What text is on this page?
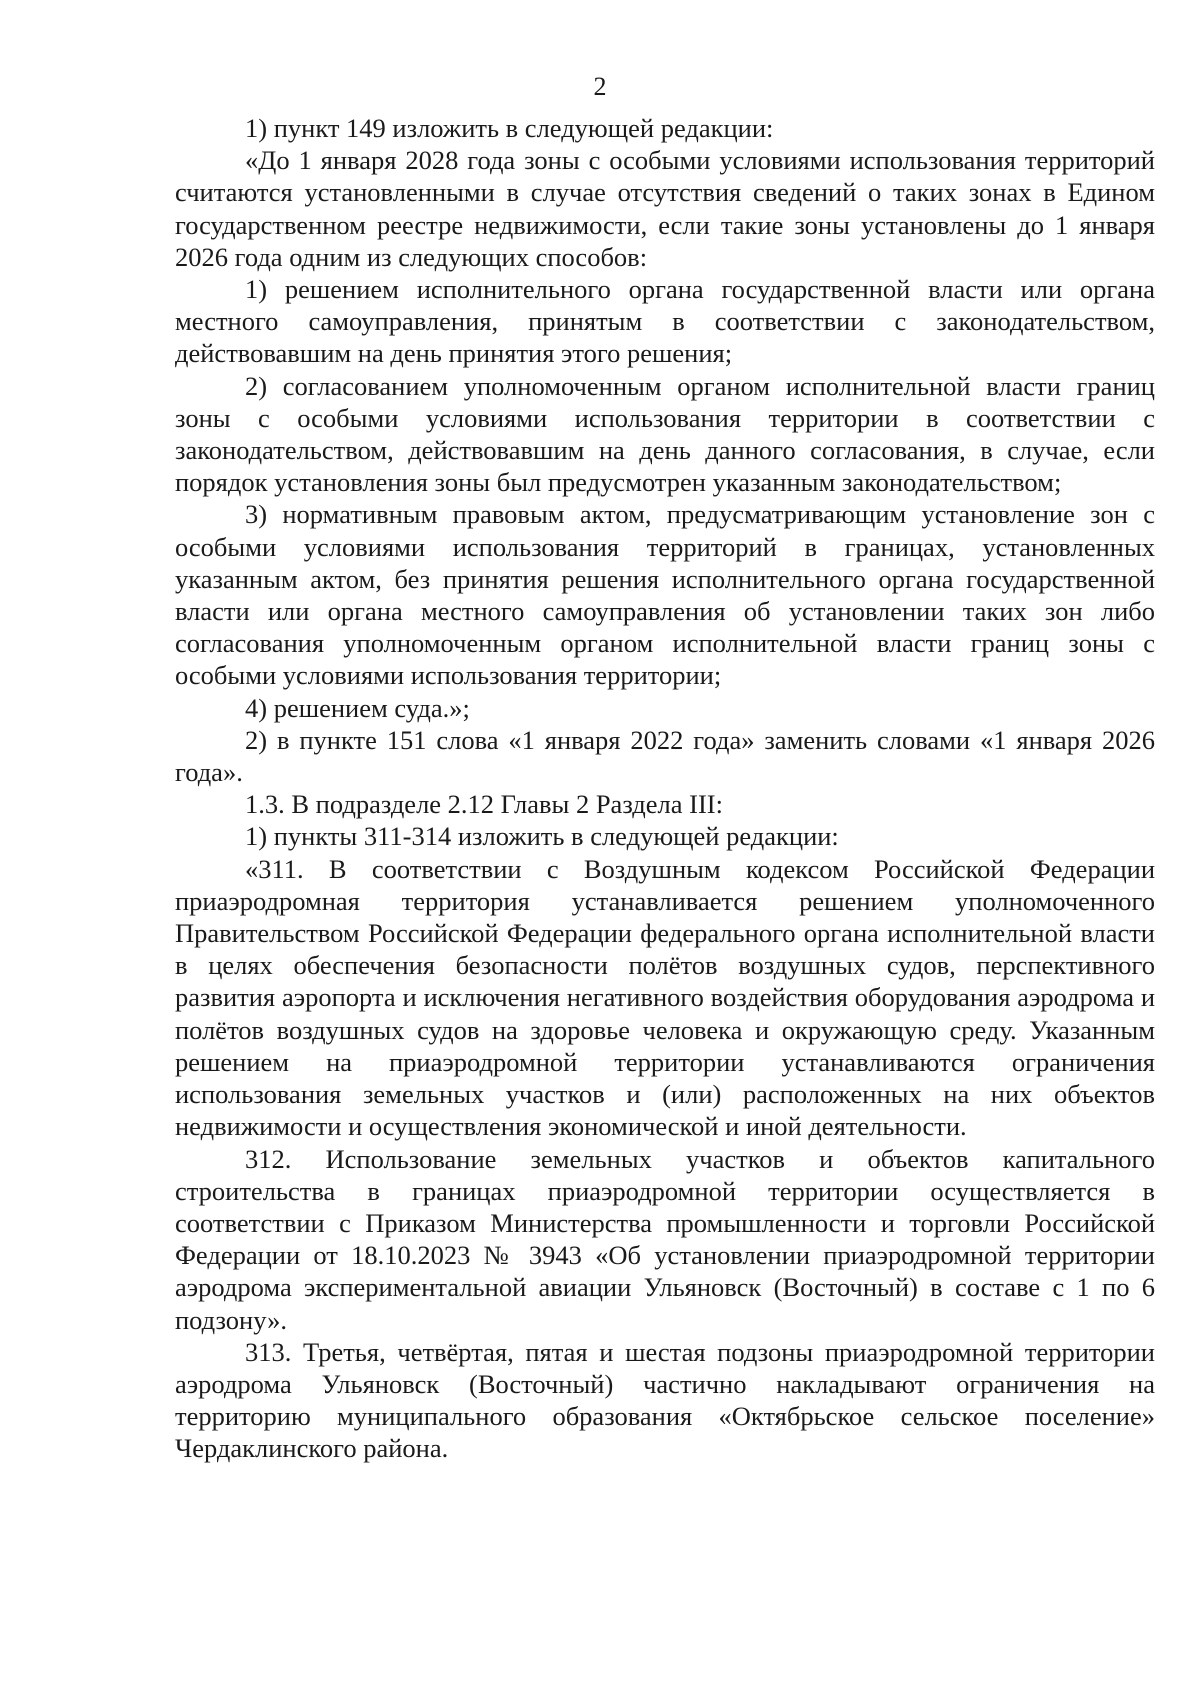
2

1) пункт 149 изложить в следующей редакции:

«До 1 января 2028 года зоны с особыми условиями использования территорий считаются установленными в случае отсутствия сведений о таких зонах в Едином государственном реестре недвижимости, если такие зоны установлены до 1 января 2026 года одним из следующих способов:

1) решением исполнительного органа государственной власти или органа местного самоуправления, принятым в соответствии с законодательством, действовавшим на день принятия этого решения;

2) согласованием уполномоченным органом исполнительной власти границ зоны с особыми условиями использования территории в соответствии с законодательством, действовавшим на день данного согласования, в случае, если порядок установления зоны был предусмотрен указанным законодательством;

3) нормативным правовым актом, предусматривающим установление зон с особыми условиями использования территорий в границах, установленных указанным актом, без принятия решения исполнительного органа государственной власти или органа местного самоуправления об установлении таких зон либо согласования уполномоченным органом исполнительной власти границ зоны с особыми условиями использования территории;

4) решением суда.»;

2) в пункте 151 слова «1 января 2022 года» заменить словами «1 января 2026 года».

1.3. В подразделе 2.12 Главы 2 Раздела III:

1) пункты 311-314 изложить в следующей редакции:

«311. В соответствии с Воздушным кодексом Российской Федерации приаэродромная территория устанавливается решением уполномоченного Правительством Российской Федерации федерального органа исполнительной власти в целях обеспечения безопасности полётов воздушных судов, перспективного развития аэропорта и исключения негативного воздействия оборудования аэродрома и полётов воздушных судов на здоровье человека и окружающую среду. Указанным решением на приаэродромной территории устанавливаются ограничения использования земельных участков и (или) расположенных на них объектов недвижимости и осуществления экономической и иной деятельности.

312. Использование земельных участков и объектов капитального строительства в границах приаэродромной территории осуществляется в соответствии с Приказом Министерства промышленности и торговли Российской Федерации от 18.10.2023 № 3943 «Об установлении приаэродромной территории аэродрома экспериментальной авиации Ульяновск (Восточный) в составе с 1 по 6 подзону».

313. Третья, четвёртая, пятая и шестая подзоны приаэродромной территории аэродрома Ульяновск (Восточный) частично накладывают ограничения на территорию муниципального образования «Октябрьское сельское поселение» Чердаклинского района.
